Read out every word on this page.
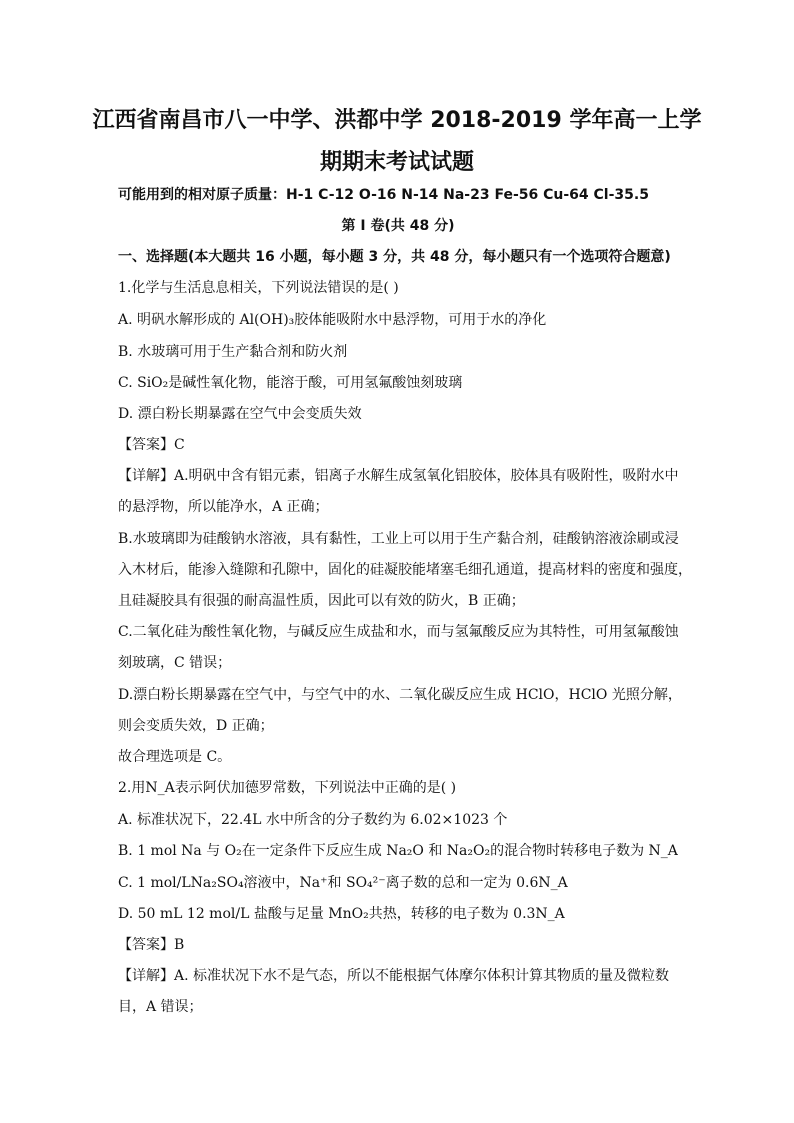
江西省南昌市八一中学、洪都中学 2018-2019 学年高一上学
期期末考试试题
可能用到的相对原子质量：H-1 C-12 O-16 N-14 Na-23 Fe-56 Cu-64 Cl-35.5
第 I 卷(共 48 分)
一、选择题(本大题共 16 小题，每小题 3 分，共 48 分，每小题只有一个选项符合题意)
1.化学与生活息息相关，下列说法错误的是( )
A. 明矾水解形成的 Al(OH)₃胶体能吸附水中悬浮物，可用于水的净化
B. 水玻璃可用于生产黏合剂和防火剂
C. SiO₂是碱性氧化物，能溶于酸，可用氢氟酸蚀刻玻璃
D. 漂白粉长期暴露在空气中会变质失效
【答案】C
【详解】A.明矾中含有铝元素，铝离子水解生成氢氧化铝胶体，胶体具有吸附性，吸附水中
的悬浮物，所以能净水，A 正确；
B.水玻璃即为硅酸钠水溶液，具有黏性，工业上可以用于生产黏合剂，硅酸钠溶液涂刷或浸
入木材后，能渗入缝隙和孔隙中，固化的硅凝胶能堵塞毛细孔通道，提高材料的密度和强度，
且硅凝胶具有很强的耐高温性质，因此可以有效的防火，B 正确；
C.二氧化硅为酸性氧化物，与碱反应生成盐和水，而与氢氟酸反应为其特性，可用氢氟酸蚀
刻玻璃，C 错误；
D.漂白粉长期暴露在空气中，与空气中的水、二氧化碳反应生成 HClO，HClO 光照分解，
则会变质失效，D 正确；
故合理选项是 C。
2.用N_A表示阿伏加德罗常数，下列说法中正确的是( )
A. 标准状况下，22.4L 水中所含的分子数约为 6.02×1023 个
B. 1 mol Na 与 O₂在一定条件下反应生成 Na₂O 和 Na₂O₂的混合物时转移电子数为 N_A
C. 1 mol/LNa₂SO₄溶液中，Na⁺和 SO₄²⁻离子数的总和一定为 0.6N_A
D. 50 mL 12 mol/L 盐酸与足量 MnO₂共热，转移的电子数为 0.3N_A
【答案】B
【详解】A. 标准状况下水不是气态，所以不能根据气体摩尔体积计算其物质的量及微粒数
目，A 错误；
